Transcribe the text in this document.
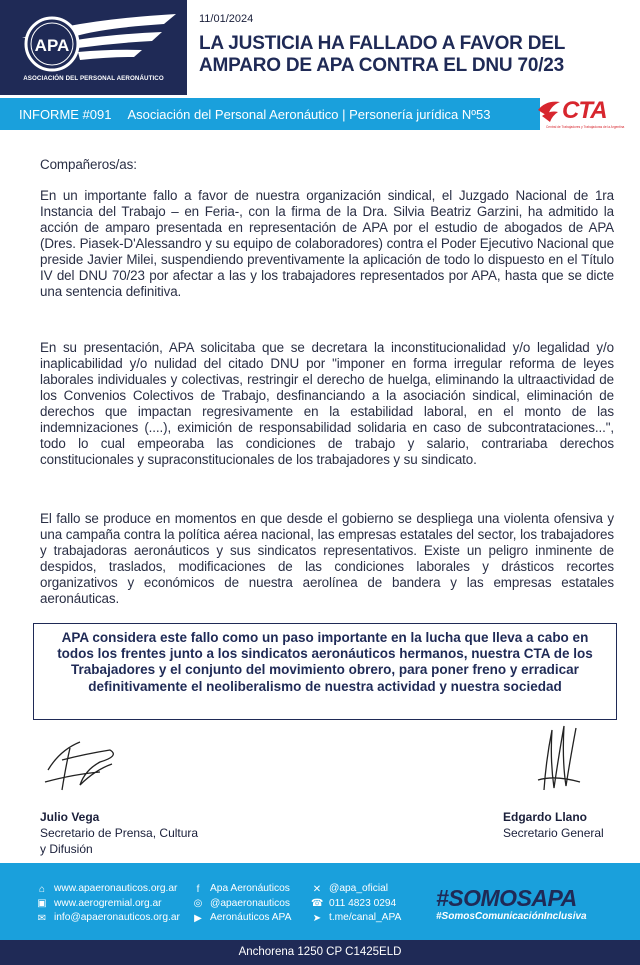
APA
ASOCIACIÓN DEL PERSONAL AERONÁUTICO
11/01/2024
LA JUSTICIA HA FALLADO A FAVOR DEL AMPARO DE APA CONTRA EL DNU 70/23
INFORME #091 Asociación del Personal Aeronáutico | Personería jurídica Nº53	CTA
Central de Trabajadores y Trabajadoras de la Argentina
Compañeros/as:
En un importante fallo a favor de nuestra organización sindical, el Juzgado Nacional de 1ra Instancia del Trabajo – en Feria-, con la firma de la Dra. Silvia Beatriz Garzini, ha admitido la acción de amparo presentada en representación de APA por el estudio de abogados de APA (Dres. Piasek-D'Alessandro y su equipo de colaboradores) contra el Poder Ejecutivo Nacional que preside Javier Milei, suspendiendo preventivamente la aplicación de todo lo dispuesto en el Título IV del DNU 70/23 por afectar a las y los trabajadores representados por APA, hasta que se dicte una sentencia definitiva.
En su presentación, APA solicitaba que se decretara la inconstitucionalidad y/o legalidad y/o inaplicabilidad y/o nulidad del citado DNU por "imponer en forma irregular reforma de leyes laborales individuales y colectivas, restringir el derecho de huelga, eliminando la ultraactividad de los Convenios Colectivos de Trabajo, desfinanciando a la asociación sindical, eliminación de derechos que impactan regresivamente en la estabilidad laboral, en el monto de las indemnizaciones (....), eximición de responsabilidad solidaria en caso de subcontrataciones...", todo lo cual empeoraba las condiciones de trabajo y salario, contrariaba derechos constitucionales y supraconstitucionales de los trabajadores y su sindicato.
El fallo se produce en momentos en que desde el gobierno se despliega una violenta ofensiva y una campaña contra la política aérea nacional, las empresas estatales del sector, los trabajadores y trabajadoras aeronáuticos y sus sindicatos representativos. Existe un peligro inminente de despidos, traslados, modificaciones de las condiciones laborales y drásticos recortes organizativos y económicos de nuestra aerolínea de bandera y las empresas estatales aeronáuticas.
APA considera este fallo como un paso importante en la lucha que lleva a cabo en todos los frentes junto a los sindicatos aeronáuticos hermanos, nuestra CTA de los Trabajadores y el conjunto del movimiento obrero, para poner freno y erradicar definitivamente el neoliberalismo de nuestra actividad y nuestra sociedad
Julio Vega
Secretario de Prensa, Cultura y Difusión
Edgardo Llano
Secretario General
⌂ www.apaeronauticos.org.ar
▣ www.aerogremial.org.ar
✉ info@apaeronauticos.org.ar
f	Apa Aeronáuticos
◎ @apaeronauticos
▶ Aeronáuticos APA
✕ @apa_oficial
☎ 011 4823 0294
➤ t.me/canal_APA
#SOMOSAPA
#SomosComunicaciónInclusiva
Anchorena 1250 CP C1425ELD
